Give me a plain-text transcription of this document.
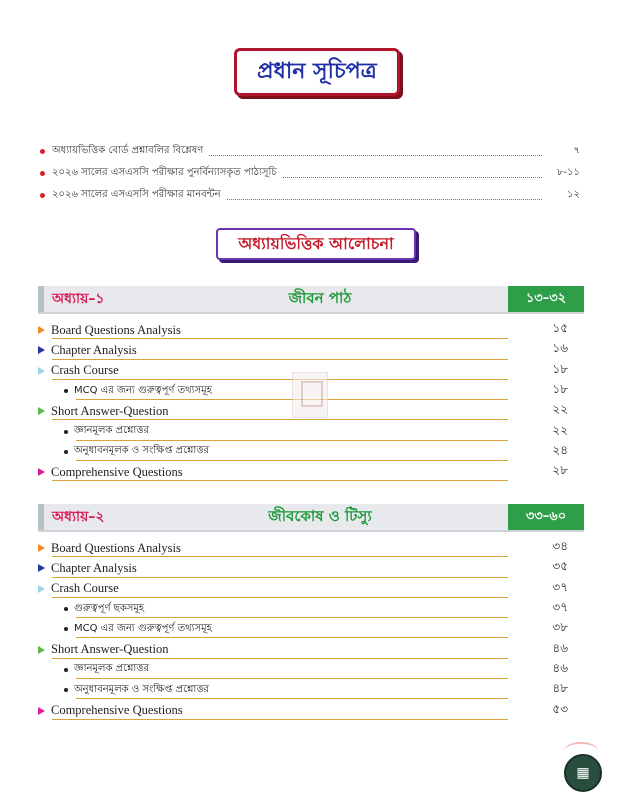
প্রধান সূচিপত্র
অধ্যায়ভিত্তিক বোর্ড প্রশ্নাবলির বিশ্লেষণ	৭
২০২৬ সালের এসএসসি পরীক্ষার পুনর্বিন্যাসকৃত পাঠ্যসূচি	৮-১১
২০২৬ সালের এসএসসি পরীক্ষার মানবন্টন	১২
অধ্যায়ভিত্তিক আলোচনা
অধ্যায়–১	জীবন পাঠ	১৩–৩২
Board Questions Analysis	১৫
Chapter Analysis	১৬
Crash Course	১৮
MCQ এর জন্য গুরুত্বপূর্ণ তথ্যসমূহ	১৮
Short Answer-Question	২২
জ্ঞানমূলক প্রশ্নোত্তর	২২
অনুধাবনমূলক ও সংক্ষিপ্ত প্রশ্নোত্তর	২৪
Comprehensive Questions	২৮
অধ্যায়–২	জীবকোষ ও টিস্যু	৩৩–৬০
Board Questions Analysis	৩৪
Chapter Analysis	৩৫
Crash Course	৩৭
গুরুত্বপূর্ণ ছকসমূহ	৩৭
MCQ এর জন্য গুরুত্বপূর্ণ তথ্যসমূহ	৩৮
Short Answer-Question	৪৬
জ্ঞানমূলক প্রশ্নোত্তর	৪৬
অনুধাবনমূলক ও সংক্ষিপ্ত প্রশ্নোত্তর	৪৮
Comprehensive Questions	৫৩
▦
